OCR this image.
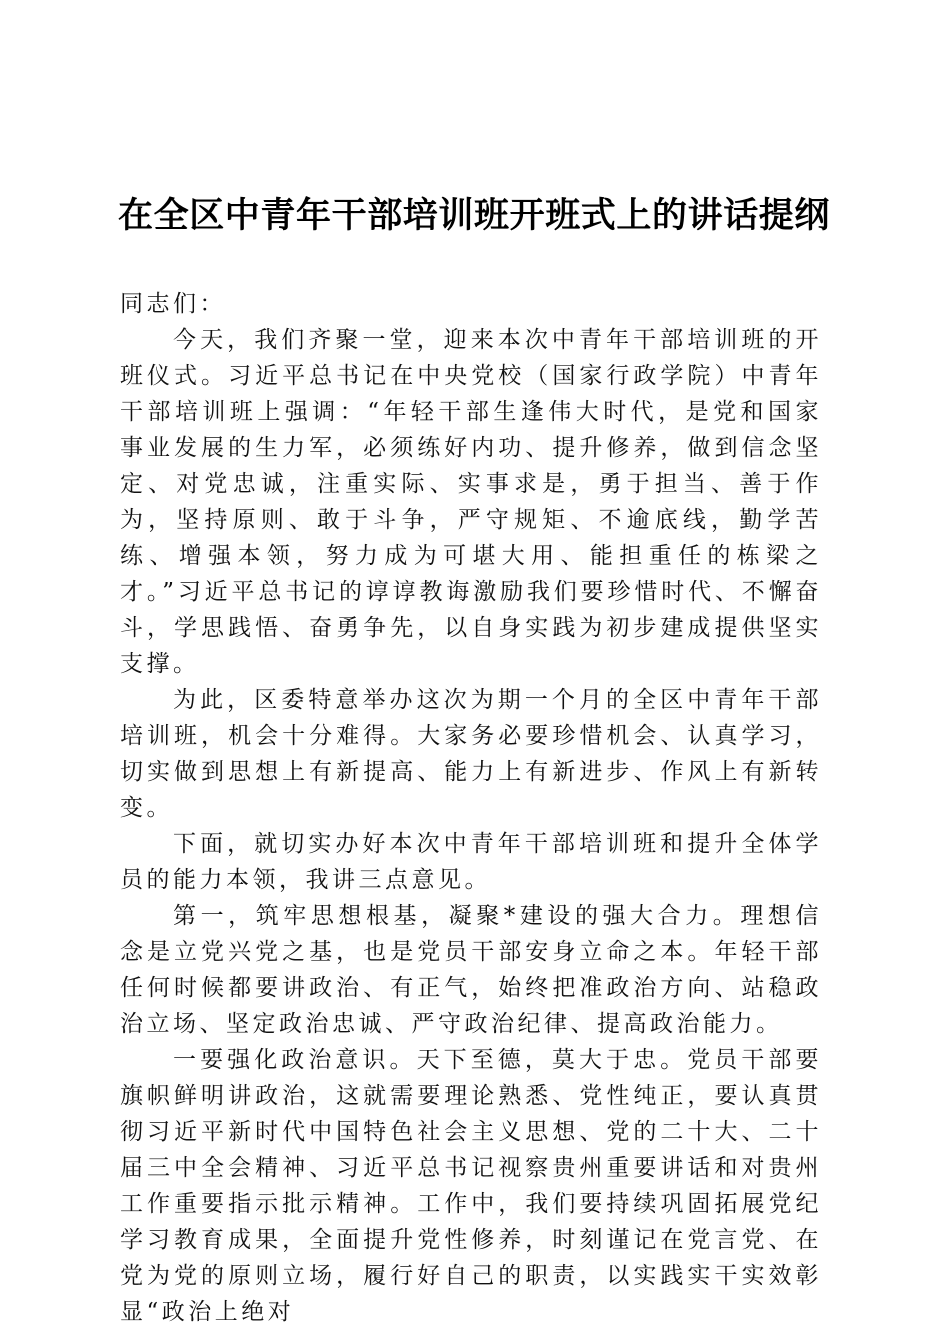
在全区中青年干部培训班开班式上的讲话提纲

同志们：

今天，我们齐聚一堂，迎来本次中青年干部培训班的开班仪式。习近平总书记在中央党校（国家行政学院）中青年干部培训班上强调：“年轻干部生逢伟大时代，是党和国家事业发展的生力军，必须练好内功、提升修养，做到信念坚定、对党忠诚，注重实际、实事求是，勇于担当、善于作为，坚持原则、敢于斗争，严守规矩、不逾底线，勤学苦练、增强本领，努力成为可堪大用、能担重任的栋梁之才。”习近平总书记的谆谆教诲激励我们要珍惜时代、不懈奋斗，学思践悟、奋勇争先，以自身实践为初步建成提供坚实支撑。

为此，区委特意举办这次为期一个月的全区中青年干部培训班，机会十分难得。大家务必要珍惜机会、认真学习，切实做到思想上有新提高、能力上有新进步、作风上有新转变。

下面，就切实办好本次中青年干部培训班和提升全体学员的能力本领，我讲三点意见。

第一，筑牢思想根基，凝聚*建设的强大合力。理想信念是立党兴党之基，也是党员干部安身立命之本。年轻干部任何时候都要讲政治、有正气，始终把准政治方向、站稳政治立场、坚定政治忠诚、严守政治纪律、提高政治能力。

一要强化政治意识。天下至德，莫大于忠。党员干部要旗帜鲜明讲政治，这就需要理论熟悉、党性纯正，要认真贯彻习近平新时代中国特色社会主义思想、党的二十大、二十届三中全会精神、习近平总书记视察贵州重要讲话和对贵州工作重要指示批示精神。工作中，我们要持续巩固拓展党纪学习教育成果，全面提升党性修养，时刻谨记在党言党、在党为党的原则立场，履行好自己的职责，以实践实干实效彰显“政治上绝对
